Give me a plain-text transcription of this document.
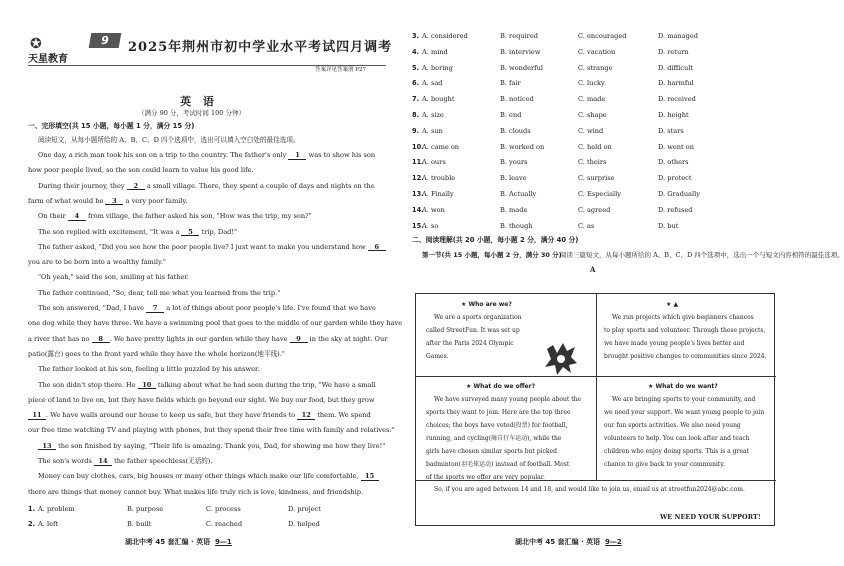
✪
天星教育
9	2025年荆州市初中学业水平考试四月调考
答案详见答案册 P27
英 语
（满分 90 分，考试时间 100 分钟）
一、完形填空(共 15 小题，每小题 1 分，满分 15 分)
阅读短文，从每小题所给的 A、B、C、D 四个选项中，选出可以填入空白处的最佳选项。
One day, a rich man took his son on a trip to the country. The father's only 1 was to show his son
how poor people lived, so the son could learn to value his good life.
During their journey, they 2 a small village. There, they spent a couple of days and nights on the
farm of what would be 3 a very poor family.
On their 4 from village, the father asked his son, "How was the trip, my son?"
The son replied with excitement, "It was a 5 trip, Dad!"
The father asked, "Did you see how the poor people live? I just want to make you understand how 6
you are to be born into a wealthy family."
"Oh yeah," said the son, smiling at his father.
The father continued, "So, dear, tell me what you learned from the trip."
The son answered, "Dad, I have 7 a lot of things about poor people's life. I've found that we have
one dog while they have three. We have a swimming pool that goes to the middle of our garden while they have
a river that has no 8 . We have pretty lights in our garden while they have 9 in the sky at night. Our
patio(露台) goes to the front yard while they have the whole horizon(地平线)."
The father looked at his son, feeling a little puzzled by his answer.
The son didn't stop there. He 10 talking about what he had seen during the trip, "We have a small
piece of land to live on, but they have fields which go beyond our sight. We buy our food, but they grow
11 . We have walls around our house to keep us safe, but they have friends to 12 them. We spend
our free time watching TV and playing with phones, but they spend their free time with family and relatives."
13 the son finished by saying, "Their life is amazing. Thank you, Dad, for showing me how they live!"
The son's words 14 the father speechless(无话的).
Money can buy clothes, cars, big houses or many other things which make our life comfortable, 15
there are things that money cannot buy. What makes life truly rich is love, kindness, and friendship.
1. A. problem	B. purpose	C. process	D. project
2. A. left	B. built	C. reached	D. helped
湖北中考 45 套汇编 · 英语 9—1
3. A. considered	B. required	C. encouraged	D. managed
4. A. mind	B. interview	C. vacation	D. return
5. A. boring	B. wonderful	C. strange	D. difficult
6. A. sad	B. fair	C. lucky	D. harmful
7. A. bought	B. noticed	C. made	D. received
8. A. size	B. end	C. shape	D. height
9. A. sun	B. clouds	C. wind	D. stars
10.
A. came on	B. worked on	C. held on	D. went on
11.
A. ours	B. yours	C. theirs	D. others
12.
A. trouble	B. leave	C. surprise	D. protect
13.
A. Finally	B. Actually	C. Especially	D. Gradually
14.
A. won	B. made	C. agreed	D. refused
15.
A. so	B. though	C. as	D. but
二、阅读理解(共 20 小题，每小题 2 分，满分 40 分)
第一节(共 15 小题，每小题 2 分，满分 30 分)
阅读三篇短文，从每小题所给的 A、B、C、D 四个选项中，选出一个与短文内容相符的最佳选项。
A
湖北中考 45 套汇编 · 英语 9—2
★ Who are we?
We are a sports organization
called StreetFun. It was set up
after the Paris 2024 Olympic
Games.
★ ▲
We run projects which give beginners chances
to play sports and volunteer. Through these projects,
we have made young people's lives better and
brought positive changes to communities since 2024.
★ What do we offer?
We have surveyed many young people about the
sports they want to join. Here are the top three
choices; the boys have voted(投票) for football,
running, and cycling(骑自行车运动), while the
girls have chosen similar sports but picked
badminton(羽毛球运动) instead of football. Most
of the sports we offer are very popular.
★ What do we want?
We are bringing sports to your community, and
we need your support. We want young people to join
our fun sports activities. We also need young
volunteers to help. You can look after and teach
children who enjoy doing sports. This is a great
chance to give back to your community.
So, if you are aged between 14 and 18, and would like to join us, email us at streetfun2024@abc.com.
WE NEED YOUR SUPPORT!
